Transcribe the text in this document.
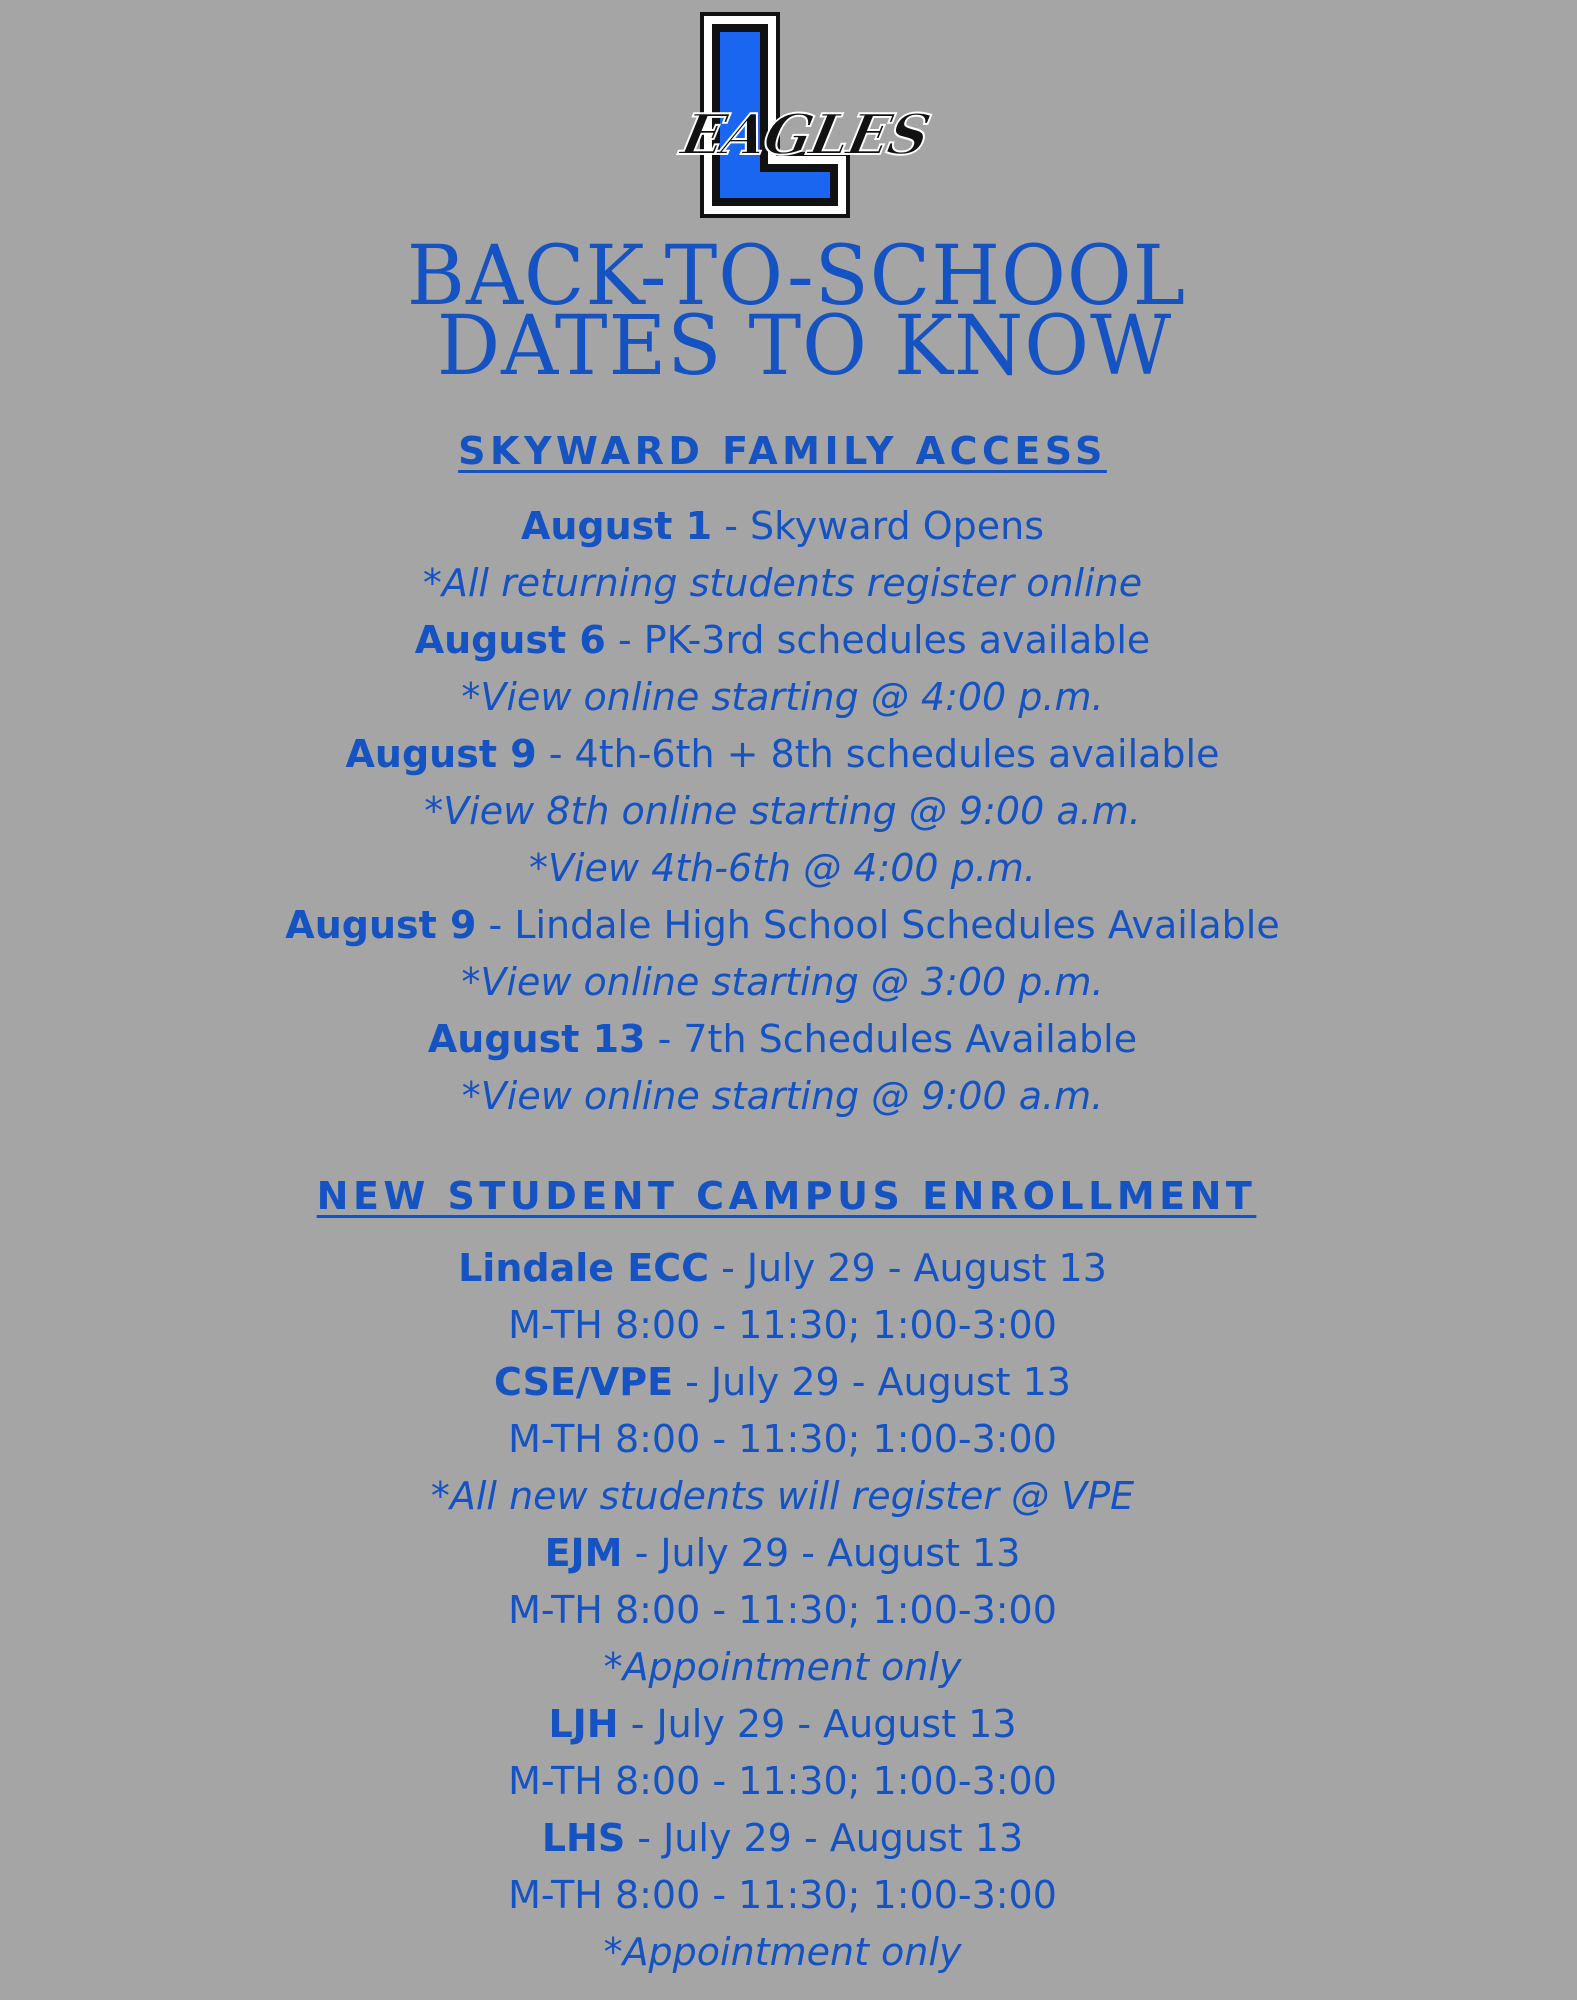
EAGLES
BACK-TO-SCHOOL
DATES TO KNOW
SKYWARD FAMILY ACCESS
August 1 - Skyward Opens
*All returning students register online
August 6 - PK-3rd schedules available
*View online starting @ 4:00 p.m.
August 9 - 4th-6th + 8th schedules available
*View 8th online starting @ 9:00 a.m.
*View 4th-6th @ 4:00 p.m.
August 9 - Lindale High School Schedules Available
*View online starting @ 3:00 p.m.
August 13 - 7th Schedules Available
*View online starting @ 9:00 a.m.
NEW STUDENT CAMPUS ENROLLMENT
Lindale ECC - July 29 - August 13
M-TH 8:00 - 11:30; 1:00-3:00
CSE/VPE - July 29 - August 13
M-TH 8:00 - 11:30; 1:00-3:00
*All new students will register @ VPE
EJM - July 29 - August 13
M-TH 8:00 - 11:30; 1:00-3:00
*Appointment only
LJH - July 29 - August 13
M-TH 8:00 - 11:30; 1:00-3:00
LHS - July 29 - August 13
M-TH 8:00 - 11:30; 1:00-3:00
*Appointment only
